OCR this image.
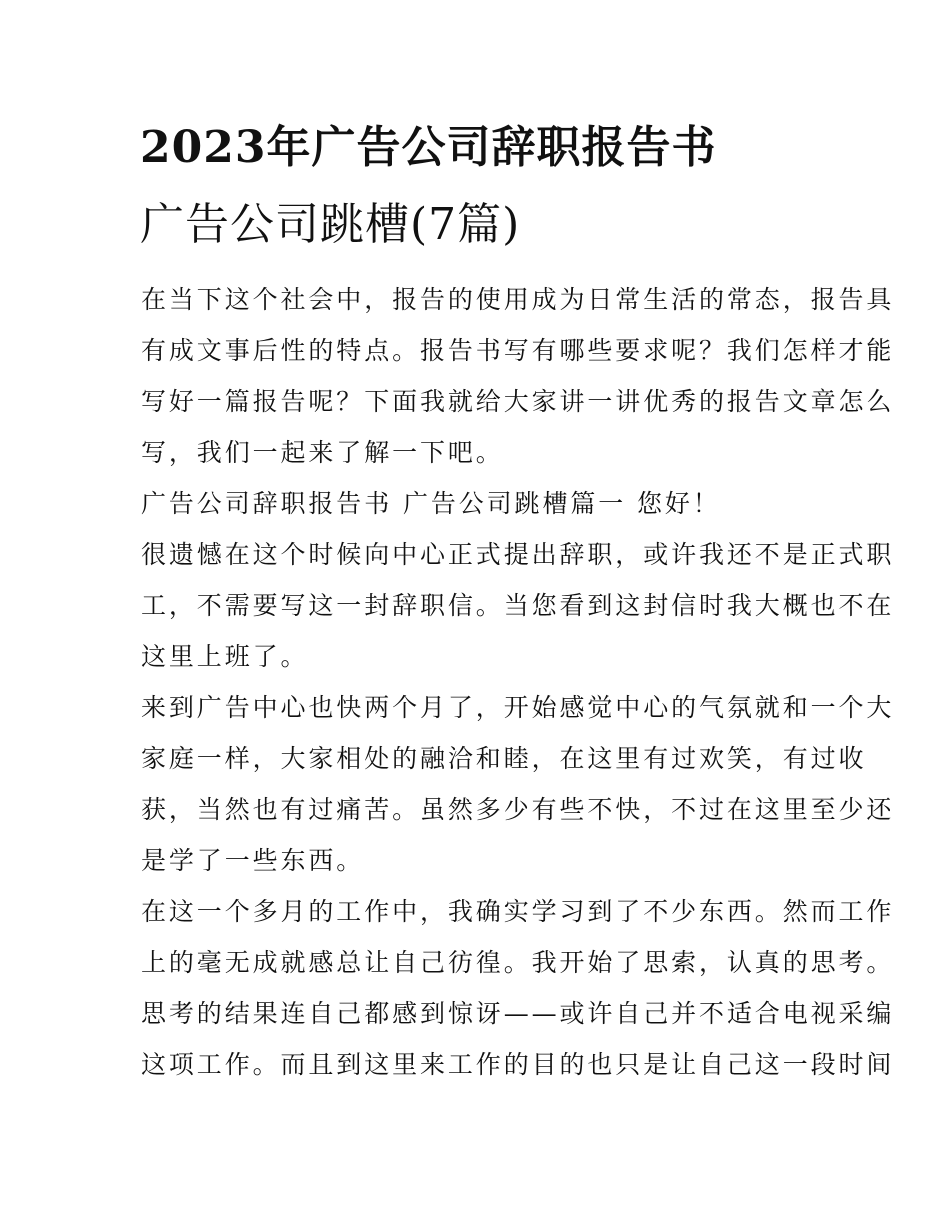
2023年广告公司辞职报告书
广告公司跳槽(7篇)
在当下这个社会中，报告的使用成为日常生活的常态，报告具
有成文事后性的特点。报告书写有哪些要求呢？我们怎样才能
写好一篇报告呢？下面我就给大家讲一讲优秀的报告文章怎么
写，我们一起来了解一下吧。
广告公司辞职报告书 广告公司跳槽篇一 您好！
很遗憾在这个时候向中心正式提出辞职，或许我还不是正式职
工，不需要写这一封辞职信。当您看到这封信时我大概也不在
这里上班了。
来到广告中心也快两个月了，开始感觉中心的气氛就和一个大
家庭一样，大家相处的融洽和睦，在这里有过欢笑，有过收
获，当然也有过痛苦。虽然多少有些不快，不过在这里至少还
是学了一些东西。
在这一个多月的工作中，我确实学习到了不少东西。然而工作
上的毫无成就感总让自己彷徨。我开始了思索，认真的思考。
思考的结果连自己都感到惊讶——或许自己并不适合电视采编
这项工作。而且到这里来工作的目的也只是让自己这一段时间
